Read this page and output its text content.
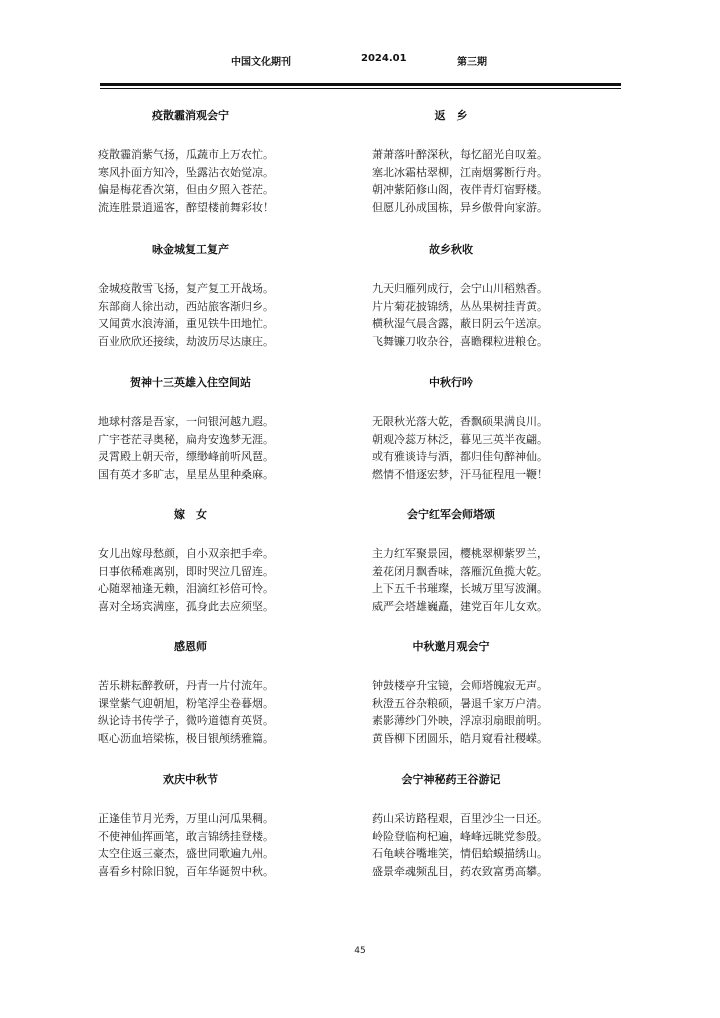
中国文化期刊	2024.01	第三期
疫散霾消观会宁
疫散霾消紫气扬，瓜蔬市上万农忙。
寒风扑面方知冷，坠露沾衣始觉凉。
偏是梅花香次第，但由夕照入苍茫。
流连胜景逍遥客，醉望楼前舞彩妆！
咏金城复工复产
金城疫散雪飞扬，复产复工开战场。
东部商人徐出动，西站旅客渐归乡。
又闻黄水浪涛涌，重见铁牛田地忙。
百业欣欣还接续，劫波历尽达康庄。
贺神十三英雄入住空间站
地球村落是吾家，一问银河越九遐。
广宇苍茫寻奥秘，扁舟安逸梦无涯。
灵霄殿上朝天帝，缥缈峰前听风琶。
国有英才多旷志，星星丛里种桑麻。
嫁　女
女儿出嫁母愁颜，自小双亲把手牵。
日事依稀难离别，即时哭泣几留连。
心随翠袖逢无赖，泪滴红衫倍可怜。
喜对全场宾满座，孤身此去应须坚。
感恩师
苦乐耕耘醉教研，丹青一片付流年。
课堂紫气迎朝旭，粉笔浮尘卷暮烟。
纵论诗书传学子，微吟道德育英贤。
呕心沥血培梁栋，极目银颅绣雅篇。
欢庆中秋节
正逢佳节月光秀，万里山河瓜果稠。
不使神仙挥画笔，敢言锦绣挂登楼。
太空住返三豪杰，盛世同歌遍九州。
喜看乡村除旧貌，百年华诞贺中秋。
返　乡
萧萧落叶醉深秋，每忆韶光自叹羞。
塞北冰霜枯翠柳，江南烟雾断行舟。
朝冲紫陌修山阁，夜伴青灯宿野楼。
但愿儿孙成国栋，异乡傲骨向家游。
故乡秋收
九天归雁列成行，会宁山川稻熟香。
片片菊花披锦绣，丛丛果树挂青黄。
横秋湿气晨含露，蔽日阴云午送凉。
飞舞镰刀收杂谷，喜瞻稞粒进粮仓。
中秋行吟
无限秋光落大乾，香飘硕果满良川。
朝观冷蕊万林泛，暮见三英半夜翩。
或有雅谈诗与酒，都归佳句醉神仙。
燃情不惜逐宏梦，汗马征程甩一鞭！
会宁红军会师塔颂
主力红军聚景园，樱桃翠柳紫罗兰，
羞花闭月飘香味，落雁沉鱼揽大乾。
上下五千书璀璨，长城万里写波澜。
威严会塔雄巍矗，建党百年儿女欢。
中秋邀月观会宁
钟鼓楼亭升宝镜，会师塔魄寂无声。
秋澄五谷杂粮硕，暑退千家万户清。
素影薄纱门外映，浮凉羽扇眼前明。
黄昏柳下团圆乐，皓月窥看社稷嵘。
会宁神秘药王谷游记
药山采访路程艰，百里沙尘一日还。
岭险登临枸杞遍，峰峰远眺党参殷。
石龟峡谷嘴堆笑，情侣蛤蟆描绣山。
盛景牵魂频乱目，药农致富勇高攀。
45
